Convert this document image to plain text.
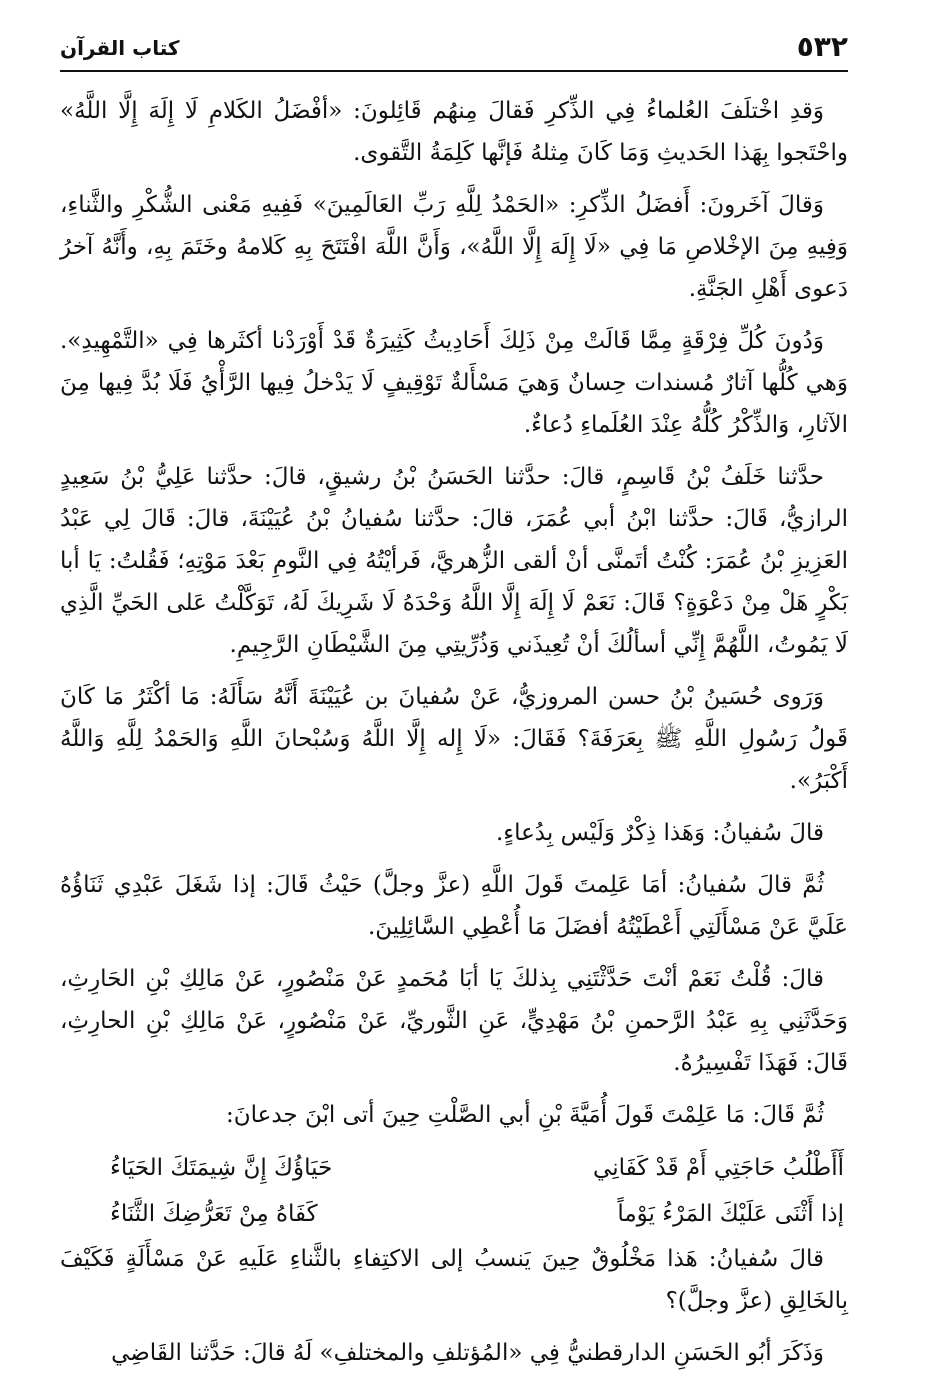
٥٣٢
كتاب القرآن

وَقدِ اخْتلَفَ العُلماءُ فِي الذِّكرِ فَقالَ مِنهُم قَائِلونَ: «أفْضَلُ الكَلامِ لَا إِلَهَ إِلَّا اللَّهُ» واحْتَجوا بِهَذا الحَديثِ وَمَا كَانَ مِثلهُ فَإنَّها كَلِمَةُ التَّقوى.

وَقالَ آخَرونَ: أَفضَلُ الذِّكرِ: «الحَمْدُ لِلَّهِ رَبِّ العَالَمِينَ» فَفِيهِ مَعْنى الشُّكْرِ والثَّناءِ، وَفِيهِ مِنَ الإخْلاصِ مَا فِي «لَا إِلَهَ إِلَّا اللَّهُ»، وَأَنَّ اللَّهَ افْتَتَحَ بِهِ كَلامهُ وخَتَمَ بِهِ، وأَنَّهُ آخرُ دَعوى أَهْلِ الجَنَّةِ.

وَدُونَ كُلِّ فِرْقَةٍ مِمَّا قَالَتْ مِنْ ذَلِكَ أَحَادِيثُ كَثِيرَةٌ قَدْ أَوْرَدْنا أكثَرها فِي «التَّمْهِيدِ». وَهي كُلُّها آثارٌ مُسندات حِسانٌ وَهيَ مَسْأَلةٌ تَوْقِيفٍ لَا يَدْخلُ فِيها الرَّأْيُ فَلَا بُدَّ فِيها مِنَ الآثارِ، وَالذِّكْرُ كُلُّهُ عِنْدَ العُلَماءِ دُعاءٌ.

حدَّثنا خَلَفُ بْنُ قَاسِمٍ، قالَ: حدَّثنا الحَسَنُ بْنُ رشيقٍ، قالَ: حدَّثنا عَلِيُّ بْنُ سَعِيدٍ الرازيُّ، قَالَ: حدَّثنا ابْنُ أبي عُمَرَ، قالَ: حدَّثنا سُفيانُ بْنُ عُيَيْنَةَ، قالَ: قَالَ لِي عَبْدُ العَزِيزِ بْنُ عُمَرَ: كُنْتُ أتَمنَّى أنْ ألقى الزُّهريَّ، فَرأيْتُهُ فِي النَّومِ بَعْدَ مَوْتِهِ؛ فَقُلتُ: يَا أبا بَكْرٍ هَلْ مِنْ دَعْوَةٍ؟ قَالَ: نَعَمْ لَا إِلَهَ إِلَّا اللَّهُ وَحْدَهُ لَا شَرِيكَ لَهُ، تَوَكَّلْتُ عَلى الحَيِّ الَّذِي لَا يَمُوتُ، اللَّهُمَّ إِنِّي أسألُكَ أنْ تُعِيذَني وَذُرِّيتِي مِنَ الشَّيْطَانِ الرَّجِيمِ.

وَرَوى حُسَينُ بْنُ حسن المروزيُّ، عَنْ سُفيانَ بن عُيَيْنَةَ أَنَّهُ سَأَلَهُ: مَا أكْثَرُ مَا كَانَ قَولُ رَسُولِ اللَّهِ ﷺ بِعَرَفَةَ؟ فَقَالَ: «لَا إِله إِلَّا اللَّهُ وَسُبْحانَ اللَّهِ وَالحَمْدُ لِلَّهِ وَاللَّهُ أَكْبَرُ».

قالَ سُفيانُ: وَهَذا ذِكْرٌ وَلَيْس بِدُعاءٍ.

ثُمَّ قالَ سُفيانُ: أمَا عَلِمتَ قَولَ اللَّهِ (عزَّ وجلَّ) حَيْثُ قَالَ: إذا شَغَلَ عَبْدِي ثَنَاؤُهُ عَلَيَّ عَنْ مَسْأَلَتِي أَعْطَيْتُهُ أفضَلَ مَا أُعْطِي السَّائِلِينَ.

قالَ: قُلْتُ نَعَمْ أنْتَ حَدَّثْتَنِي بِذلكَ يَا أبَا مُحَمدٍ عَنْ مَنْصُورٍ، عَنْ مَالِكِ بْنِ الحَارِثِ، وَحَدَّثَنِي بِهِ عَبْدُ الرَّحمنِ بْنُ مَهْدِيٍّ، عَنِ الثَّوريِّ، عَنْ مَنْصُورٍ، عَنْ مَالِكِ بْنِ الحارِثِ، قَالَ: فَهَذَا تَفْسِيرُهُ.

ثُمَّ قَالَ: مَا عَلِمْتَ قَولَ أُمَيَّةَ بْنِ أبي الصَّلْتِ حِينَ أتى ابْنَ جدعانَ:

أَأَطْلُبُ حَاجَتِي أَمْ قَدْ كَفَانِي
حَيَاؤُكَ إِنَّ شِيمَتَكَ الحَيَاءُ
إذا أَثْنَى عَلَيْكَ المَرْءُ يَوْماً
كَفَاهُ مِنْ تَعَرُّضِكَ الثَّنَاءُ

قالَ سُفيانُ: هَذا مَخْلُوقٌ حِينَ يَنسبُ إلى الاكتِفاءِ بالثَّناءِ عَلَيهِ عَنْ مَسْأَلَةٍ فَكَيْفَ بِالخَالِقِ (عزَّ وجلَّ)؟

وَذَكَرَ أبُو الحَسَنِ الدارقطنيُّ فِي «المُؤتلفِ والمختلفِ» لَهُ قالَ: حَدَّثنا القَاضِي
